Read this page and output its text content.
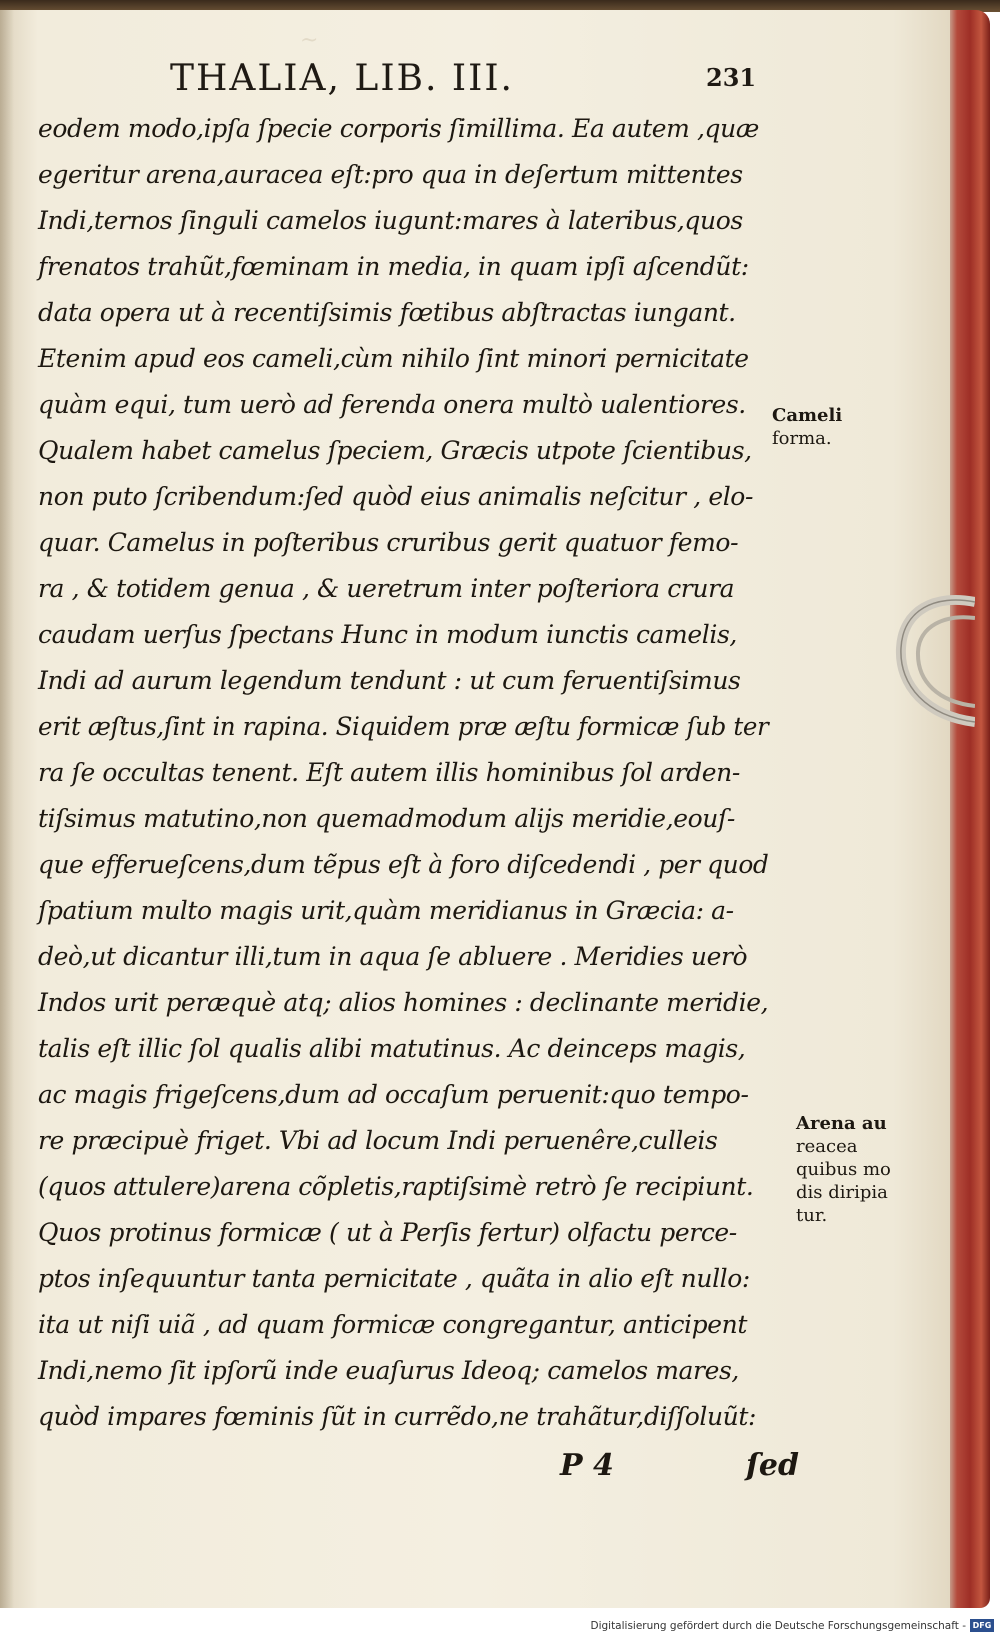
~
THALIA, LIB. III.	231
eodem modo,ipſa ſpecie corporis ſimillima. Ea autem ,quæ
egeritur arena,auracea eſt:pro qua in deſertum mittentes
Indi,ternos ſinguli camelos iugunt:mares à lateribus,quos
frenatos trahũt,fœminam in media, in quam ipſi aſcendũt:
data opera ut à recentiſsimis fœtibus abſtractas iungant.
Etenim apud eos cameli,cùm nihilo ſint minori pernicitate
quàm equi, tum uerò ad ferenda onera multò ualentiores.
Qualem habet camelus ſpeciem, Græcis utpote ſcientibus,
non puto ſcribendum:ſed quòd eius animalis neſcitur , elo-
quar. Camelus in poſteribus cruribus gerit quatuor femo-
ra , & totidem genua , & ueretrum inter poſteriora crura
caudam uerſus ſpectans Hunc in modum iunctis camelis,
Indi ad aurum legendum tendunt : ut cum feruentiſsimus
erit æſtus,ſint in rapina. Siquidem præ æſtu formicæ ſub ter
ra ſe occultas tenent. Eſt autem illis hominibus ſol arden-
tiſsimus matutino,non quemadmodum alijs meridie,eouſ-
que efferueſcens,dum tẽpus eſt à foro diſcedendi , per quod
ſpatium multo magis urit,quàm meridianus in Græcia: a-
deò,ut dicantur illi,tum in aqua ſe abluere . Meridies uerò
Indos urit peræquè atq; alios homines : declinante meridie,
talis eſt illic ſol qualis alibi matutinus. Ac deinceps magis,
ac magis frigeſcens,dum ad occaſum peruenit:quo tempo-
re præcipuè friget. Vbi ad locum Indi peruenêre,culleis
(quos attulere)arena cõpletis,raptiſsimè retrò ſe recipiunt.
Quos protinus formicæ ( ut à Perſis fertur) olfactu perce-
ptos inſequuntur tanta pernicitate , quãta in alio eſt nullo:
ita ut niſi uiã , ad quam formicæ congregantur, anticipent
Indi,nemo ſit ipſorũ inde euaſurus Ideoq; camelos mares,
quòd impares fœminis ſũt in currẽdo,ne trahãtur,diſſoluũt:
Cameli
forma.
Arena au
reacea
quibus mo
dis diripia
tur.
P 4	ſed
Digitalisierung gefördert durch die Deutsche Forschungsgemeinschaft - DFG
